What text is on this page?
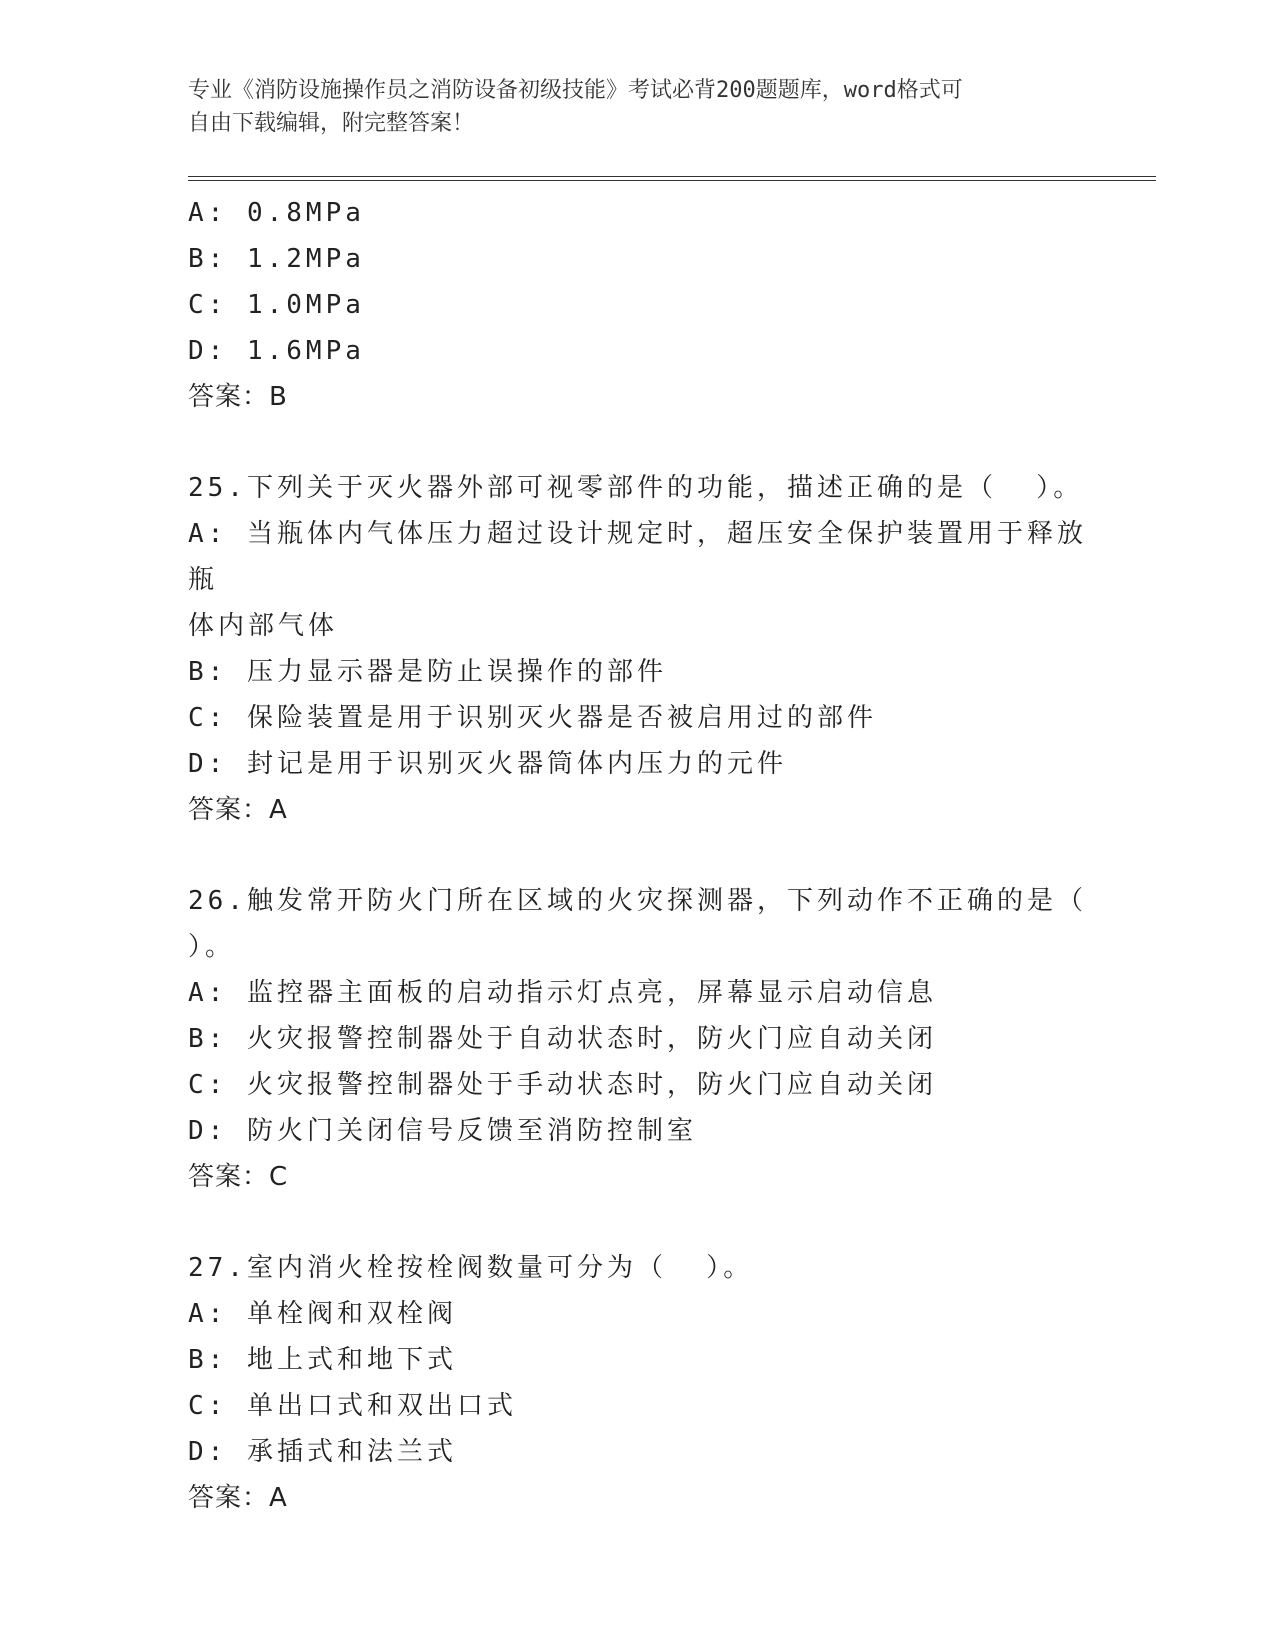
专业《消防设施操作员之消防设备初级技能》考试必背200题题库，word格式可
自由下载编辑，附完整答案！
A: 0.8MPa
B: 1.2MPa
C: 1.0MPa
D: 1.6MPa
答案：B
25.下列关于灭火器外部可视零部件的功能，描述正确的是（  ）。
A: 当瓶体内气体压力超过设计规定时，超压安全保护装置用于释放瓶
体内部气体
B: 压力显示器是防止误操作的部件
C: 保险装置是用于识别灭火器是否被启用过的部件
D: 封记是用于识别灭火器筒体内压力的元件
答案：A
26.触发常开防火门所在区域的火灾探测器，下列动作不正确的是（
）。
A: 监控器主面板的启动指示灯点亮，屏幕显示启动信息
B: 火灾报警控制器处于自动状态时，防火门应自动关闭
C: 火灾报警控制器处于手动状态时，防火门应自动关闭
D: 防火门关闭信号反馈至消防控制室
答案：C
27.室内消火栓按栓阀数量可分为（  ）。
A: 单栓阀和双栓阀
B: 地上式和地下式
C: 单出口式和双出口式
D: 承插式和法兰式
答案：A
